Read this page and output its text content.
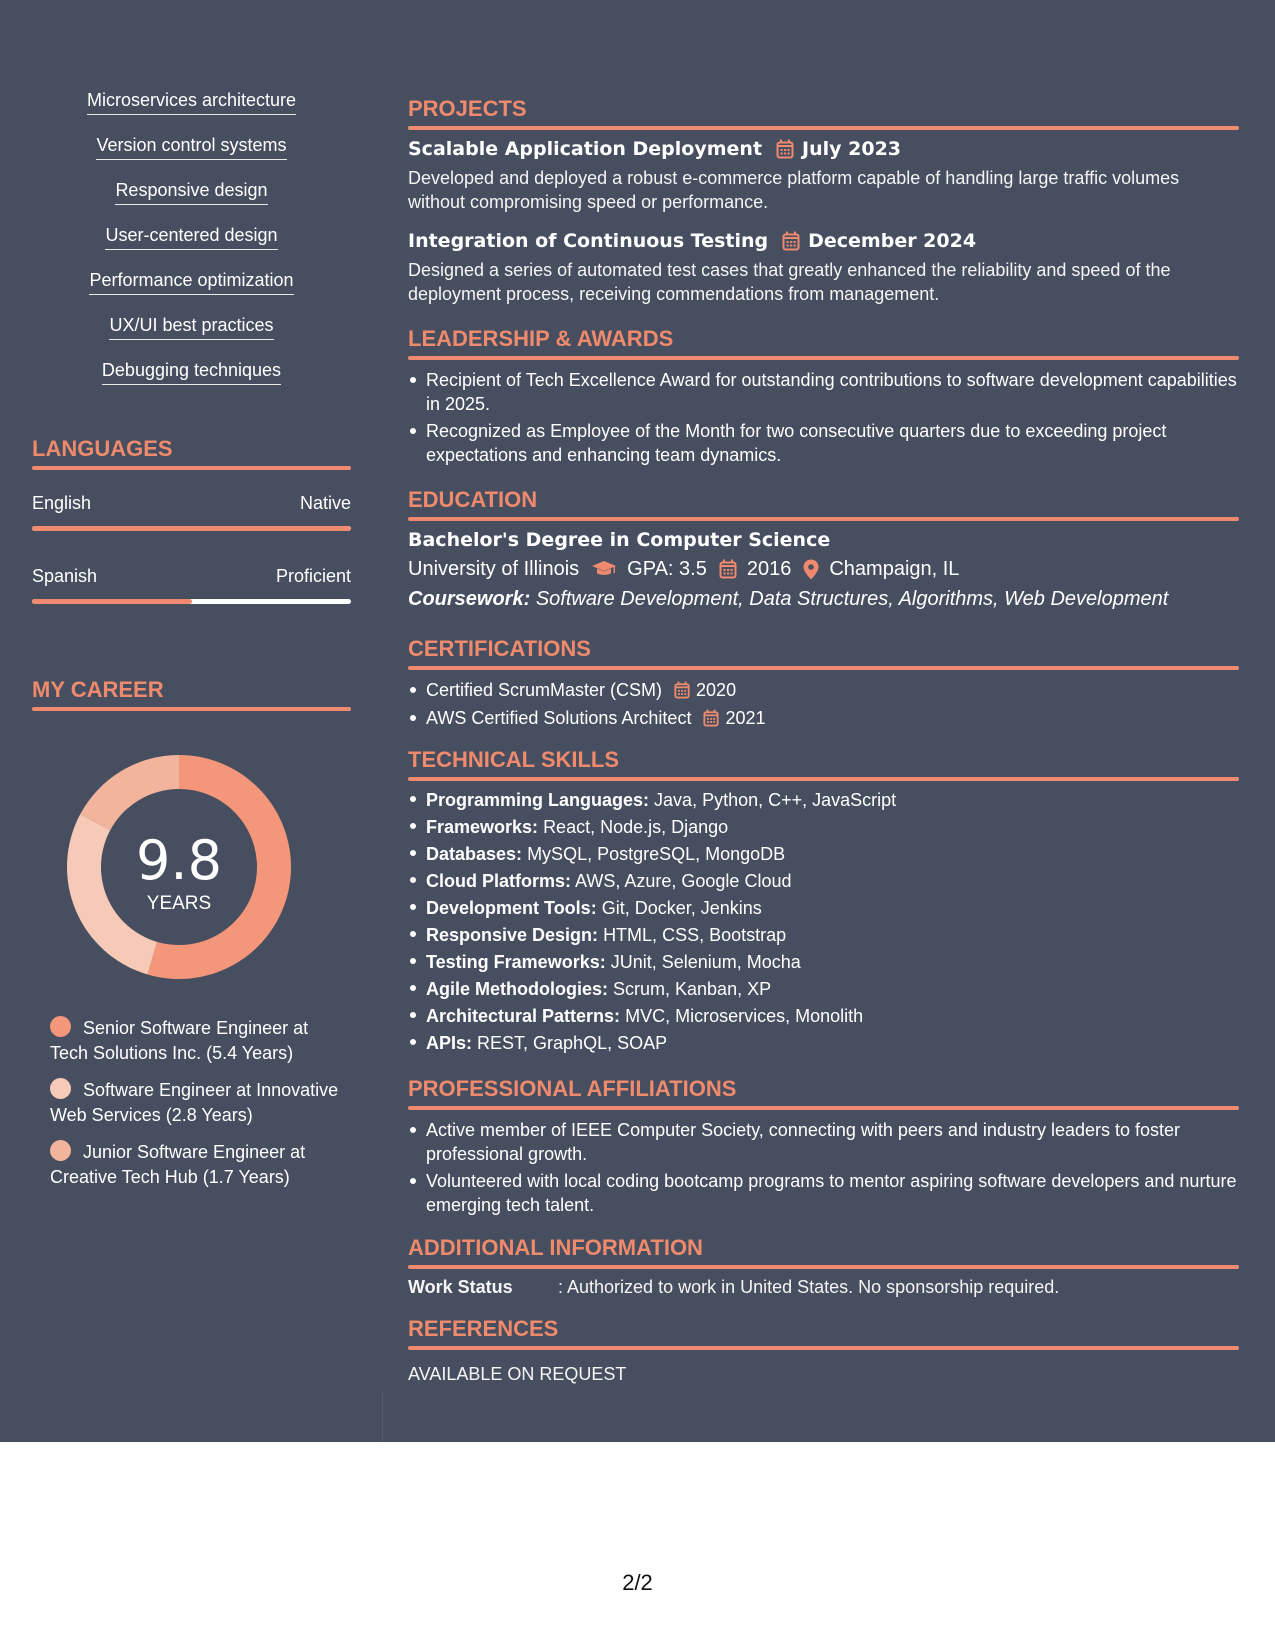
Microservices architecture
Version control systems
Responsive design
User-centered design
Performance optimization
UX/UI best practices
Debugging techniques
LANGUAGES
English	Native
Spanish	Proficient
MY CAREER
9.8
YEARS
Senior Software Engineer at Tech Solutions Inc. (5.4 Years)
Software Engineer at Innovative Web Services (2.8 Years)
Junior Software Engineer at Creative Tech Hub (1.7 Years)
PROJECTS
Scalable Application Deployment July 2023
Developed and deployed a robust e-commerce platform capable of handling large traffic volumes without compromising speed or performance.
Integration of Continuous Testing December 2024
Designed a series of automated test cases that greatly enhanced the reliability and speed of the deployment process, receiving commendations from management.
LEADERSHIP & AWARDS
Recipient of Tech Excellence Award for outstanding contributions to software development capabilities in 2025.
Recognized as Employee of the Month for two consecutive quarters due to exceeding project expectations and enhancing team dynamics.
EDUCATION
Bachelor's Degree in Computer Science
University of Illinois GPA: 3.5 2016 Champaign, IL
Coursework: Software Development, Data Structures, Algorithms, Web Development
CERTIFICATIONS
Certified ScrumMaster (CSM) 2020
AWS Certified Solutions Architect 2021
TECHNICAL SKILLS
Programming Languages: Java, Python, C++, JavaScript
Frameworks: React, Node.js, Django
Databases: MySQL, PostgreSQL, MongoDB
Cloud Platforms: AWS, Azure, Google Cloud
Development Tools: Git, Docker, Jenkins
Responsive Design: HTML, CSS, Bootstrap
Testing Frameworks: JUnit, Selenium, Mocha
Agile Methodologies: Scrum, Kanban, XP
Architectural Patterns: MVC, Microservices, Monolith
APIs: REST, GraphQL, SOAP
PROFESSIONAL AFFILIATIONS
Active member of IEEE Computer Society, connecting with peers and industry leaders to foster professional growth.
Volunteered with local coding bootcamp programs to mentor aspiring software developers and nurture emerging tech talent.
ADDITIONAL INFORMATION
Work Status	: Authorized to work in United States. No sponsorship required.
REFERENCES
AVAILABLE ON REQUEST
2/2
